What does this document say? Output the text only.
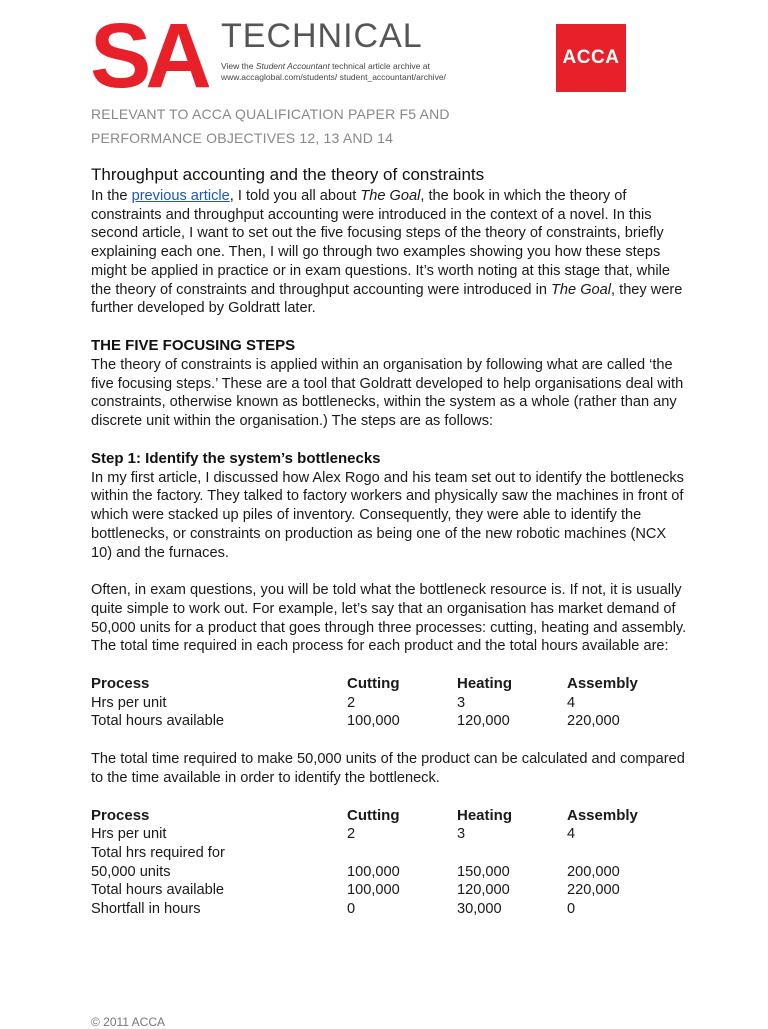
SA TECHNICAL
View the Student Accountant technical article archive at www.accaglobal.com/students/ student_accountant/archive/
ACCA
RELEVANT TO ACCA QUALIFICATION PAPER F5 AND
PERFORMANCE OBJECTIVES 12, 13 AND 14
Throughput accounting and the theory of constraints

In the previous article, I told you all about The Goal, the book in which the theory of constraints and throughput accounting were introduced in the context of a novel. In this second article, I want to set out the five focusing steps of the theory of constraints, briefly explaining each one. Then, I will go through two examples showing you how these steps might be applied in practice or in exam questions. It’s worth noting at this stage that, while the theory of constraints and throughput accounting were introduced in The Goal, they were further developed by Goldratt later.

THE FIVE FOCUSING STEPS

The theory of constraints is applied within an organisation by following what are called ‘the five focusing steps.’ These are a tool that Goldratt developed to help organisations deal with constraints, otherwise known as bottlenecks, within the system as a whole (rather than any discrete unit within the organisation.) The steps are as follows:

Step 1: Identify the system’s bottlenecks

In my first article, I discussed how Alex Rogo and his team set out to identify the bottlenecks within the factory. They talked to factory workers and physically saw the machines in front of which were stacked up piles of inventory. Consequently, they were able to identify the bottlenecks, or constraints on production as being one of the new robotic machines (NCX 10) and the furnaces.

Often, in exam questions, you will be told what the bottleneck resource is. If not, it is usually quite simple to work out. For example, let’s say that an organisation has market demand of 50,000 units for a product that goes through three processes: cutting, heating and assembly. The total time required in each process for each product and the total hours available are:

Process	Cutting	Heating	Assembly
Hrs per unit	2	3	4
Total hours available	100,000	120,000	220,000

The total time required to make 50,000 units of the product can be calculated and compared to the time available in order to identify the bottleneck.

Process	Cutting	Heating	Assembly
Hrs per unit	2	3	4
Total hrs required for			
50,000 units	100,000	150,000	200,000
Total hours available	100,000	120,000	220,000
Shortfall in hours	0	30,000	0
© 2011 ACCA
